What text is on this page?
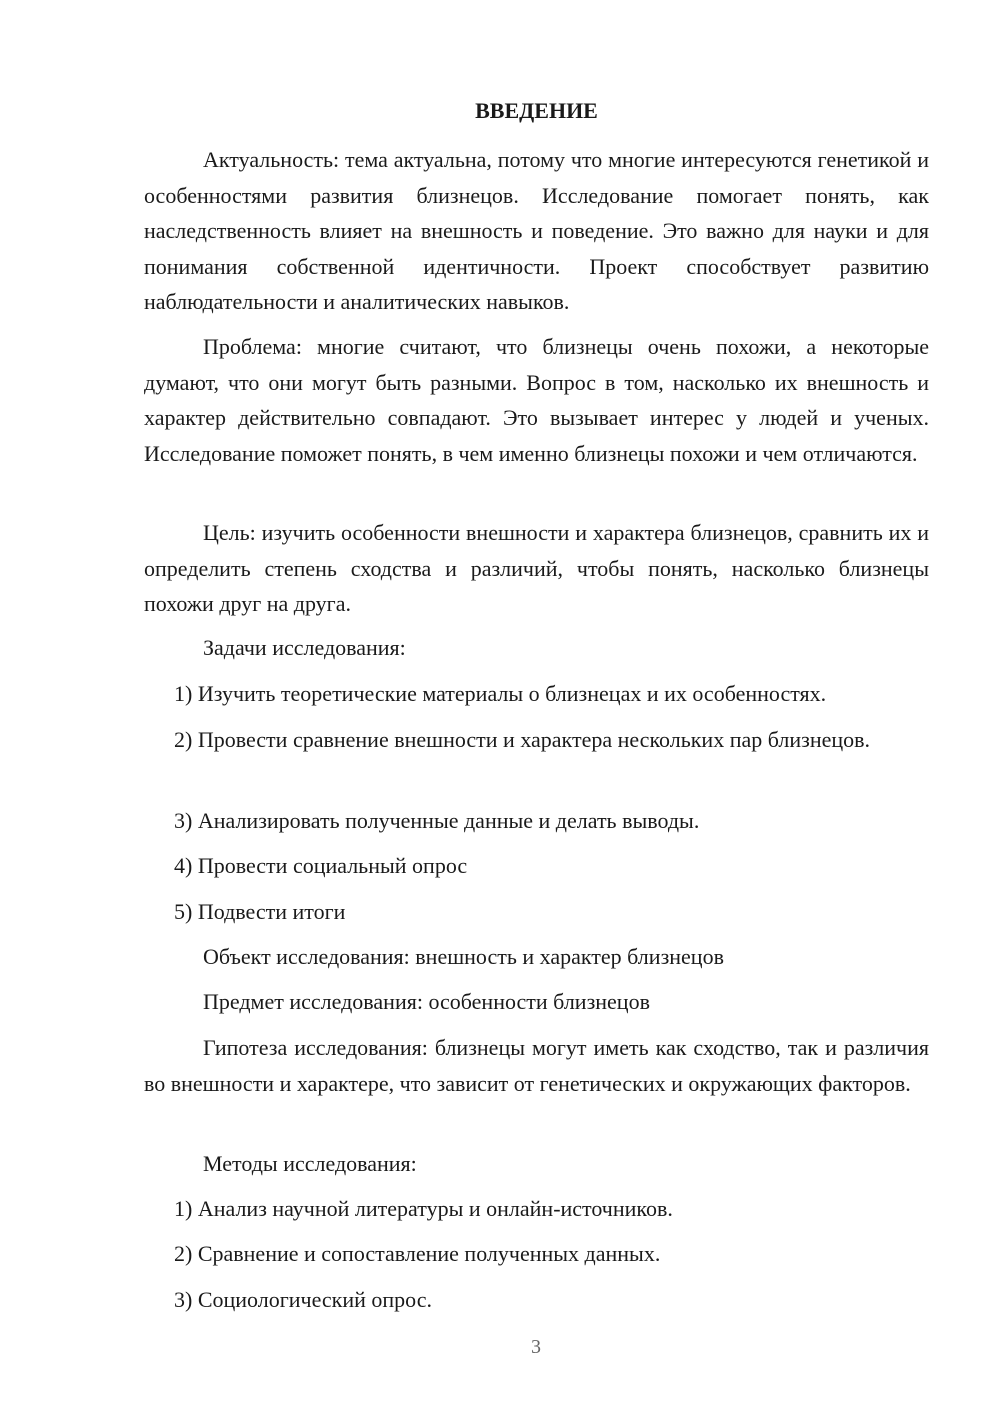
ВВЕДЕНИЕ

Актуальность: тема актуальна, потому что многие интересуются генетикой и особенностями развития близнецов. Исследование помогает понять, как наследственность влияет на внешность и поведение. Это важно для науки и для понимания собственной идентичности. Проект способствует развитию наблюдательности и аналитических навыков.

Проблема: многие считают, что близнецы очень похожи, а некоторые думают, что они могут быть разными. Вопрос в том, насколько их внешность и характер действительно совпадают. Это вызывает интерес у людей и ученых. Исследование поможет понять, в чем именно близнецы похожи и чем отличаются.

Цель: изучить особенности внешности и характера близнецов, сравнить их и определить степень сходства и различий, чтобы понять, насколько близнецы похожи друг на друга.

Задачи исследования:

1) Изучить теоретические материалы о близнецах и их особенностях.

2) Провести сравнение внешности и характера нескольких пар близнецов.

3) Анализировать полученные данные и делать выводы.

4) Провести социальный опрос

5) Подвести итоги

Объект исследования: внешность и характер близнецов

Предмет исследования: особенности близнецов

Гипотеза исследования: близнецы могут иметь как сходство, так и различия во внешности и характере, что зависит от генетических и окружающих факторов.

Методы исследования:

1) Анализ научной литературы и онлайн-источников.

2) Сравнение и сопоставление полученных данных.

3) Социологический опрос.

3
